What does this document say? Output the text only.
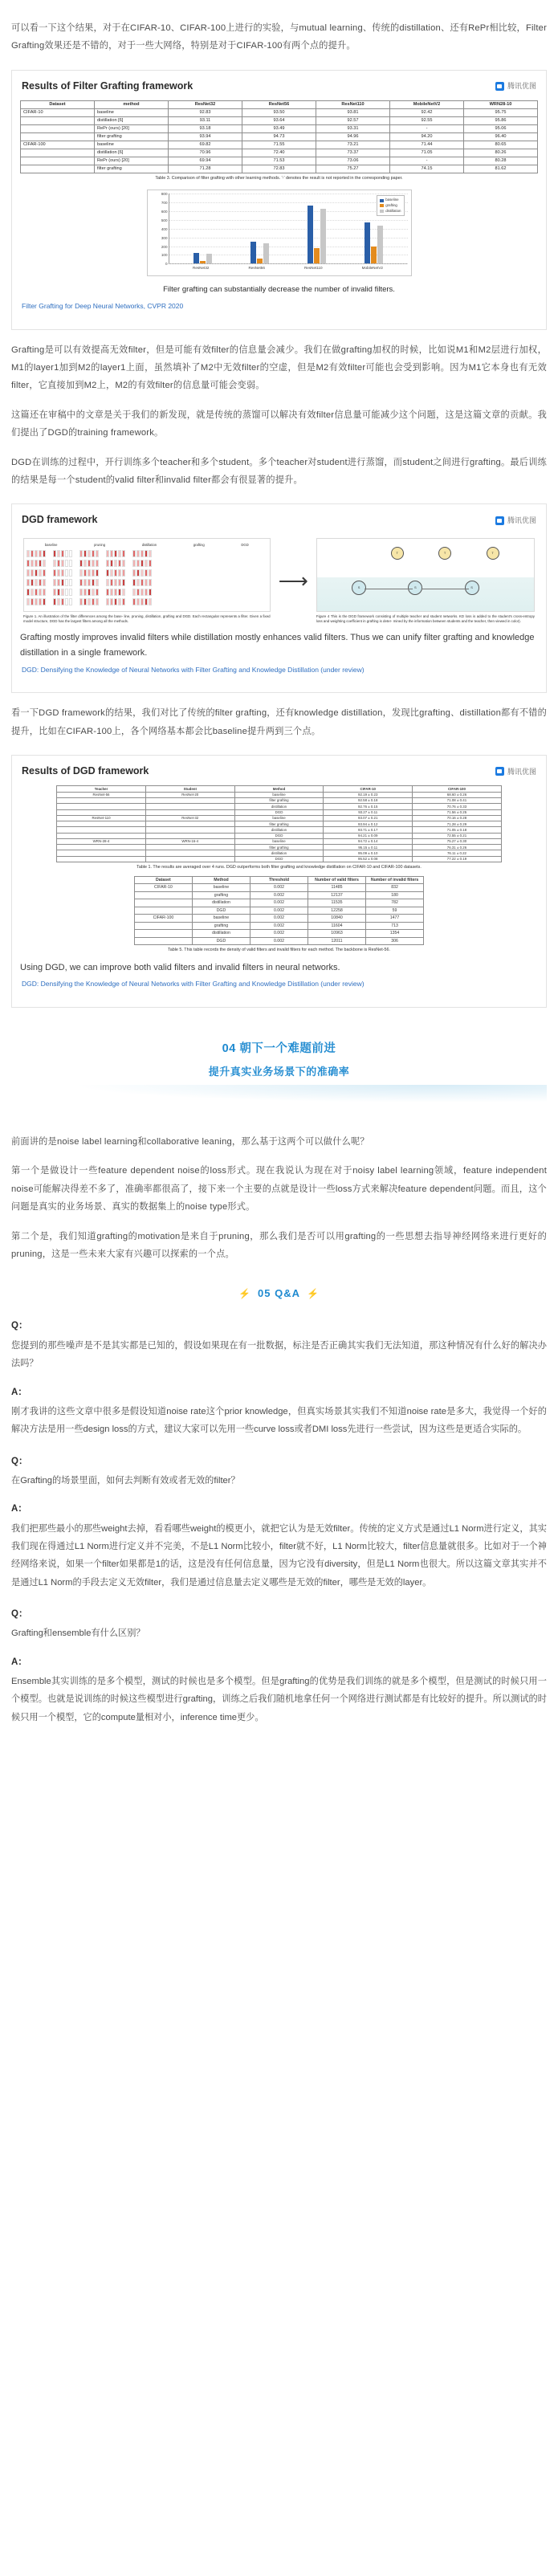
可以看一下这个结果，对于在CIFAR-10、CIFAR-100上进行的实验，与mutual learning、传统的distillation、还有RePr相比较，Filter Grafting效果还是不错的，对于一些大网络，特别是对于CIFAR-100有两个点的提升。

Results of Filter Grafting framework	腾讯优图
Dataset	method	ResNet32	ResNet56	ResNet110	MobileNetV2	WRN28-10
CIFAR-10	baseline	92.83	93.50	93.81	92.42	95.75
	distillation [6]	93.11	93.64	92.57	92.55	95.86
	RePr (ours) [20]	93.18	93.49	93.31	-	95.06
	filter grafting	93.94	94.73	94.96	94.20	96.40
CIFAR-100	baseline	69.82	71.55	73.21	71.44	80.65
	distillation [6]	70.96	72.40	73.37	71.05	80.26
	RePr (ours) [20]	69.94	71.53	73.06	-	80.28
	filter grafting	71.28	72.83	75.27	74.15	81.62
Table 3. Comparison of filter grafting with other learning methods. '-' denotes the result is not reported in the corresponding paper.
0
100
200
300
400
500
600
700
800
ResNet32	ResNet56	ResNet110	MobileNetV2
baseline
grafting
distillation
Filter grafting can substantially decrease the number of invalid filters.
Filter Grafting for Deep Neural Networks, CVPR 2020

Grafting是可以有效提高无效filter，但是可能有效filter的信息量会减少。我们在做grafting加权的时候，比如说M1和M2层进行加权，M1的layer1加到M2的layer1上面，虽然填补了M2中无效filter的空虚，但是M2有效filter可能也会受到影响。因为M1它本身也有无效filter，它直接加到M2上，M2的有效filter的信息量可能会变弱。

这篇还在审稿中的文章是关于我们的新发现，就是传统的蒸馏可以解决有效filter信息量可能减少这个问题，这是这篇文章的贡献。我们提出了DGD的training framework。

DGD在训练的过程中，开行训练多个teacher和多个student。多个teacher对student进行蒸馏，而student之间进行grafting。最后训练的结果是每一个student的valid filter和invalid filter都会有很显著的提升。

DGD framework	腾讯优图
baseline	pruning	distillation	grafting	DGD
Figure 1. An illustration of the filter differences among the base- line, pruning, distillation, grafting and DGD. Each rectangular represents a filter. Given a fixed model structure, DGD has the largest filters among all the methods.
⟶
T	T	T
S	S	S
Figure 4 This is the DGD framework consisting of multiple teacher and student networks. KD loss is added to the student's cross-entropy loss and weighting coefficient in grafting is deter- mined by the information between students and the teacher, then viewed in color).
Grafting mostly improves invalid filters while distillation mostly enhances valid filters. Thus we can unify filter grafting and knowledge distillation in a single framework.
DGD: Densifying the Knowledge of Neural Networks with Filter Grafting and Knowledge Distillation (under review)

看一下DGD framework的结果，我们对比了传统的filter grafting，还有knowledge distillation，发现比grafting、distillation都有不错的提升，比如在CIFAR-100上，各个网络基本都会比baseline提升两到三个点。

Results of DGD framework	腾讯优图
Teacher	Student	Method	CIFAR-10	CIFAR-100
ResNet-56	ResNet-20	baseline	92.19 ± 0.23	68.60 ± 0.26
		filter grafting	92.58 ± 0.18	71.08 ± 0.41
		distillation	92.76 ± 0.15	70.76 ± 0.33
		DGD	93.27 ± 0.11	71.56 ± 0.25
ResNet-110	ResNet-32	baseline	93.07 ± 0.21	70.16 ± 0.28
		filter grafting	93.94 ± 0.12	71.28 ± 0.29
		distillation	93.71 ± 0.17	71.05 ± 0.18
		DGD	94.21 ± 0.09	72.55 ± 0.21
WRN-28-4	WRN-16-4	baseline	94.72 ± 0.14	75.27 ± 0.30
		filter grafting	95.15 ± 0.11	76.31 ± 0.26
		distillation	95.09 ± 0.10	76.11 ± 0.22
		DGD	95.52 ± 0.08	77.22 ± 0.19
Table 1. The results are averaged over 4 runs. DGD outperforms both filter grafting and knowledge distillation on CIFAR-10 and CIFAR-100 datasets.
Dataset	Method	Threshold	Number of valid filters	Number of invalid filters
CIFAR-10	baseline	0.002	11485	832
	grafting	0.002	12137	180
	distillation	0.002	11535	782
	DGD	0.002	12258	59
CIFAR-100	baseline	0.002	10840	1477
	grafting	0.002	11604	713
	distillation	0.002	10963	1354
	DGD	0.002	12011	306
Table 5. This table records the density of valid filters and invalid filters for each method. The backbone is ResNet-56.
Using DGD, we can improve both valid filters and invalid filters in neural networks.
DGD: Densifying the Knowledge of Neural Networks with Filter Grafting and Knowledge Distillation (under review)
04 朝下一个难题前进
提升真实业务场景下的准确率

前面讲的是noise label learning和collaborative leaning，那么基于这两个可以做什么呢？

第一个是做设计一些feature dependent noise的loss形式。现在我说认为现在对于noisy label learning领域，feature independent noise可能解决得差不多了，准确率都很高了，接下来一个主要的点就是设计一些loss方式来解决feature dependent问题。而且，这个问题是真实的业务场景、真实的数据集上的noise type形式。

第二个是，我们知道grafting的motivation是来自于pruning，那么我们是否可以用grafting的一些思想去指导神经网络来进行更好的pruning，这是一些未来大家有兴趣可以探索的一个点。

⚡ 05 Q&A ⚡
Q：
您提到的那些噪声是不是其实都是已知的，假设如果现在有一批数据，标注是否正确其实我们无法知道，那这种情况有什么好的解决办法吗？
A：
刚才我讲的这些文章中很多是假设知道noise rate这个prior knowledge，但真实场景其实我们不知道noise rate是多大，我觉得一个好的解决方法是用一些design loss的方式，建议大家可以先用一些curve loss或者DMI loss先进行一些尝试，因为这些是更适合实际的。
Q：
在Grafting的场景里面，如何去判断有效或者无效的filter？
A：
我们把那些最小的那些weight去掉，看看哪些weight的模更小，就把它认为是无效filter。传统的定义方式是通过L1 Norm进行定义，其实我们现在得通过L1 Norm进行定义并不完美，不是L1 Norm比较小，filter就不好，L1 Norm比较大，filter信息量就很多。比如对于一个神经网络来说，如果一个filter如果都是1的话，这是没有任何信息量，因为它没有diversity，但是L1 Norm也很大。所以这篇文章其实并不是通过L1 Norm的手段去定义无效filter，我们是通过信息量去定义哪些是无效的filter，哪些是无效的layer。
Q：
Grafting和ensemble有什么区别？
A：
Ensemble其实训练的是多个模型，测试的时候也是多个模型。但是grafting的优势是我们训练的就是多个模型，但是测试的时候只用一个模型。也就是说训练的时候这些模型进行grafting，训练之后我们随机地拿任何一个网络进行测试都是有比较好的提升。所以测试的时候只用一个模型，它的compute量相对小，inference time更少。
